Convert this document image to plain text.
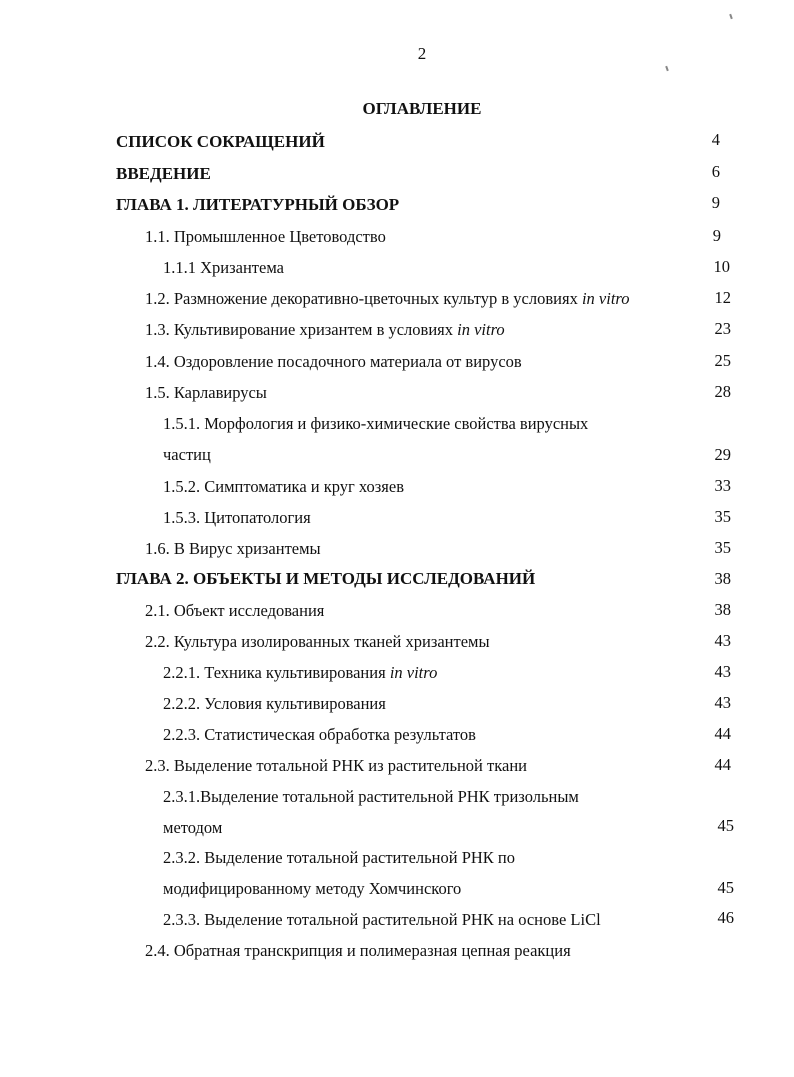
2
ОГЛАВЛЕНИЕ
СПИСОК СОКРАЩЕНИЙ	4
ВВЕДЕНИЕ	6
ГЛАВА 1. ЛИТЕРАТУРНЫЙ ОБЗОР	9
1.1. Промышленное Цветоводство	9
1.1.1 Хризантема	10
1.2. Размножение декоративно-цветочных культур в условиях in vitro	12
1.3. Культивирование хризантем в условиях in vitro	23
1.4. Оздоровление посадочного материала от вирусов	25
1.5. Карлавирусы	28
1.5.1. Морфология и физико-химические свойства вирусных
частиц	29
1.5.2. Симптоматика и круг хозяев	33
1.5.3. Цитопатология	35
1.6. В Вирус хризантемы	35
ГЛАВА 2. ОБЪЕКТЫ И МЕТОДЫ ИССЛЕДОВАНИЙ	38
2.1. Объект исследования	38
2.2. Культура изолированных тканей хризантемы	43
2.2.1. Техника культивирования in vitro	43
2.2.2. Условия культивирования	43
2.2.3. Статистическая обработка результатов	44
2.3. Выделение тотальной РНК из растительной ткани	44
2.3.1.Выделение тотальной растительной РНК тризольным
методом	45
2.3.2. Выделение тотальной растительной РНК по
модифицированному методу Хомчинского	45
2.3.3. Выделение тотальной растительной РНК на основе LiCl	46
2.4. Обратная транскрипция и полимеразная цепная реакция
